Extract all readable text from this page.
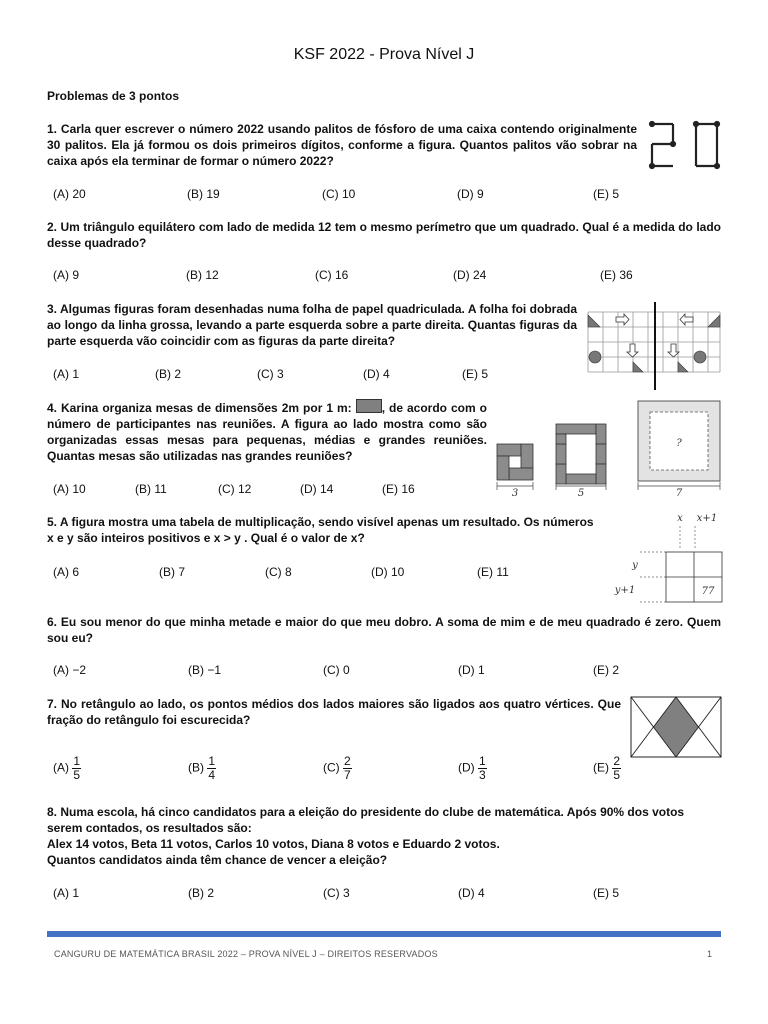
KSF 2022 - Prova Nível J
Problemas de 3 pontos
1. Carla quer escrever o número 2022 usando palitos de fósforo de uma caixa contendo originalmente 30 palitos. Ela já formou os dois primeiros dígitos, conforme a figura. Quantos palitos vão sobrar na caixa após ela terminar de formar o número 2022?
(A) 20	(B) 19	(C) 10	(D) 9	(E) 5
2. Um triângulo equilátero com lado de medida 12 tem o mesmo perímetro que um quadrado. Qual é a medida do lado desse quadrado?
(A) 9	(B) 12	(C) 16	(D) 24	(E) 36
3. Algumas figuras foram desenhadas numa folha de papel quadriculada. A folha foi dobrada ao longo da linha grossa, levando a parte esquerda sobre a parte direita. Quantas figuras da parte esquerda vão coincidir com as figuras da parte direita?
(A) 1	(B) 2	(C) 3	(D) 4	(E) 5
4. Karina organiza mesas de dimensões 2m por 1 m:	, de acordo com o número de participantes nas reuniões. A figura ao lado mostra como são organizadas essas mesas para pequenas, médias e grandes reuniões. Quantas mesas são utilizadas nas grandes reuniões?
?
3	5	7
(A) 10	(B) 11	(C) 12	(D) 14	(E) 16
5. A figura mostra uma tabela de multiplicação, sendo visível apenas um resultado. Os números
x e y são inteiros positivos e x > y . Qual é o valor de x?
x x+1
y
y+1	77
(A) 6	(B) 7	(C) 8	(D) 10	(E) 11
6. Eu sou menor do que minha metade e maior do que meu dobro. A soma de mim e de meu quadrado é zero. Quem sou eu?
(A) −2	(B) −1	(C) 0	(D) 1	(E) 2
7. No retângulo ao lado, os pontos médios dos lados maiores são ligados aos quatro vértices. Que fração do retângulo foi escurecida?
$(A) \frac{1}{5}$	$(B) \frac{1}{4}$	$(C) \frac{2}{7}$	$(D) \frac{1}{3}$	$(E) \frac{2}{5}$
8. Numa escola, há cinco candidatos para a eleição do presidente do clube de matemática. Após 90% dos votos serem contados, os resultados são:
Alex 14 votos, Beta 11 votos, Carlos 10 votos, Diana 8 votos e Eduardo 2 votos.
Quantos candidatos ainda têm chance de vencer a eleição?
(A) 1	(B) 2	(C) 3	(D) 4	(E) 5
CANGURU DE MATEMÁTICA BRASIL 2022 – PROVA NÍVEL J – DIREITOS RESERVADOS	1
